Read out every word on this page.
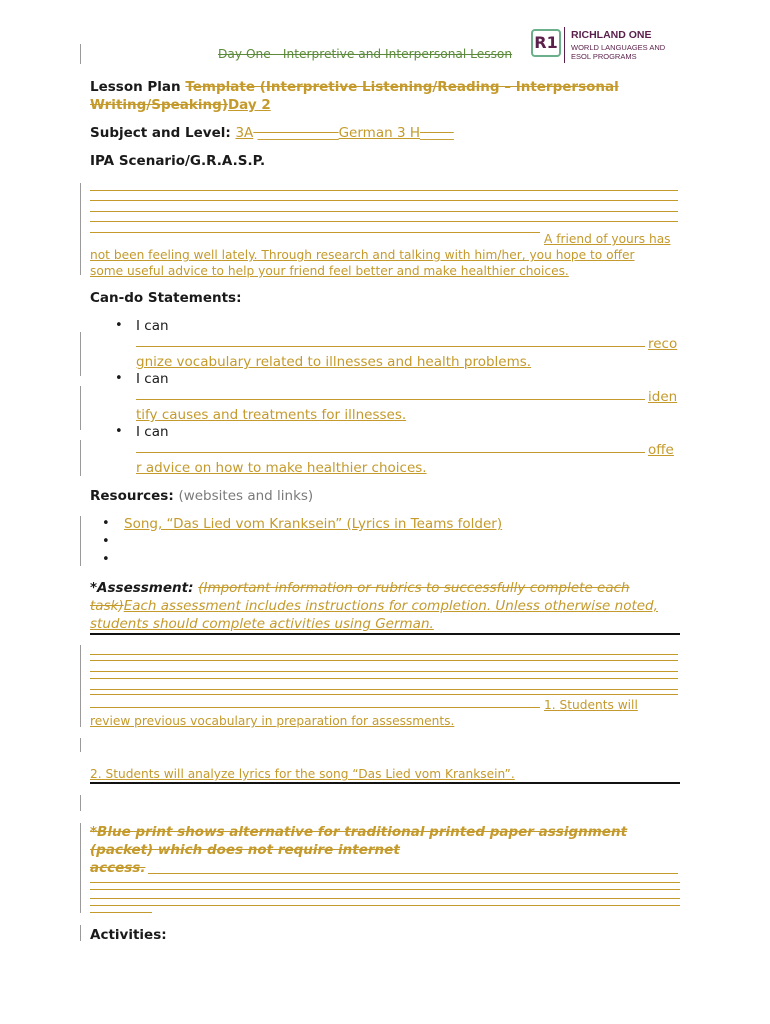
Day One - Interpretive and Interpersonal Lesson
R1	RICHLAND ONE
WORLD LANGUAGES AND
ESOL PROGRAMS
Lesson Plan Template (Interpretive Listening/Reading – Interpersonal
Writing/Speaking)Day 2
Subject and Level: 3A ____________German 3 H_____
IPA Scenario/G.R.A.S.P.
A friend of yours has
not been feeling well lately. Through research and talking with him/her, you hope to offer
some useful advice to help your friend feel better and make healthier choices.
Can-do Statements:
• I can
reco
gnize vocabulary related to illnesses and health problems.
• I can
iden
tify causes and treatments for illnesses.
• I can
offe
r advice on how to make healthier choices.
Resources: (websites and links)
• Song, “Das Lied vom Kranksein” (Lyrics in Teams folder)
•
•
*Assessment: (Important information or rubrics to successfully complete each
task)Each assessment includes instructions for completion. Unless otherwise noted,
students should complete activities using German.
1. Students will
review previous vocabulary in preparation for assessments.
2. Students will analyze lyrics for the song “Das Lied vom Kranksein”.
*Blue print shows alternative for traditional printed paper assignment
(packet) which does not require internet
access.
Activities:
